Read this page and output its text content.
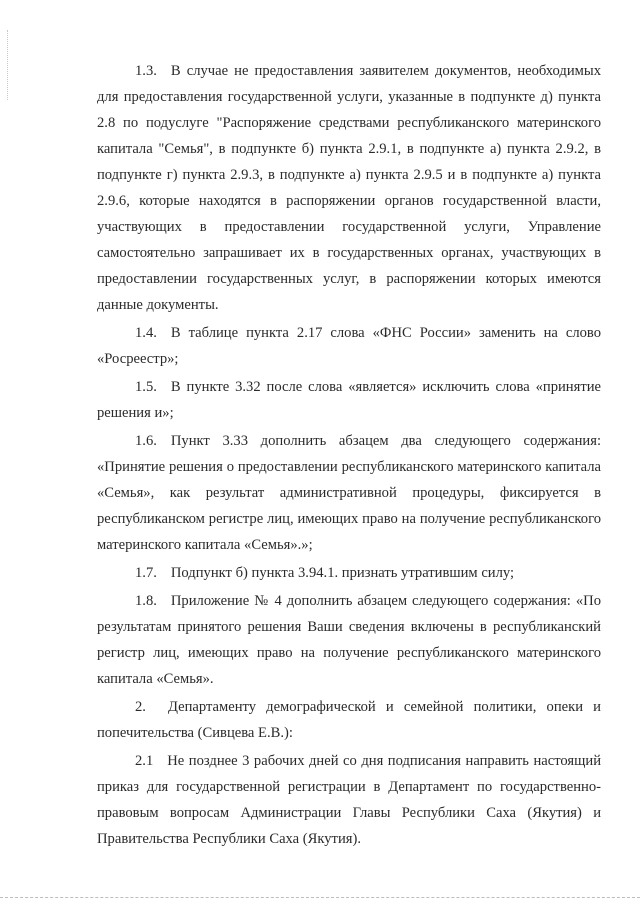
1.3. В случае не предоставления заявителем документов, необходимых для предоставления государственной услуги, указанные в подпункте д) пункта 2.8 по подуслуге "Распоряжение средствами республиканского материнского капитала "Семья", в подпункте б) пункта 2.9.1, в подпункте а) пункта 2.9.2, в подпункте г) пункта 2.9.3, в подпункте а) пункта 2.9.5 и в подпункте а) пункта 2.9.6, которые находятся в распоряжении органов государственной власти, участвующих в предоставлении государственной услуги, Управление самостоятельно запрашивает их в государственных органах, участвующих в предоставлении государственных услуг, в распоряжении которых имеются данные документы.

1.4. В таблице пункта 2.17 слова «ФНС России» заменить на слово «Росреестр»;

1.5. В пункте 3.32 после слова «является» исключить слова «принятие решения и»;

1.6. Пункт 3.33 дополнить абзацем два следующего содержания: «Принятие решения о предоставлении республиканского материнского капитала «Семья», как результат административной процедуры, фиксируется в республиканском регистре лиц, имеющих право на получение республиканского материнского капитала «Семья».»;

1.7. Подпункт б) пункта 3.94.1. признать утратившим силу;

1.8. Приложение № 4 дополнить абзацем следующего содержания: «По результатам принятого решения Ваши сведения включены в республиканский регистр лиц, имеющих право на получение республиканского материнского капитала «Семья».

2. Департаменту демографической и семейной политики, опеки и попечительства (Сивцева Е.В.):

2.1 Не позднее 3 рабочих дней со дня подписания направить настоящий приказ для государственной регистрации в Департамент по государственно-правовым вопросам Администрации Главы Республики Саха (Якутия) и Правительства Республики Саха (Якутия).
